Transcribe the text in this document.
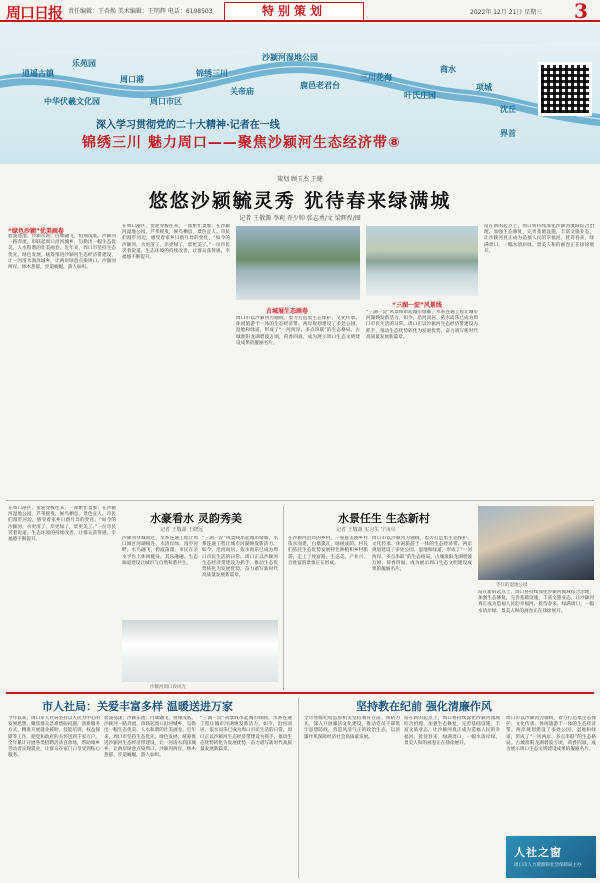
周口日报 责任编辑：王杏焕 美术编辑：王明辉 电话：6198503	特别策划	2022年 12月 21日 星期三 3
逍遥古镇
乐苑园
周口港
中华伏羲文化园	周口市区
沙颍河湿地公园
锦绣三川
关帝庙
鹿邑老君台
三川花海
叶氏庄园
商水
项城
沈丘
界首
深入学习贯彻党的二十大精神·记者在一线
锦绣三川 魅力周口——聚焦沙颍河生态经济带⑧
策划 顾玉杰 王健
悠悠沙颍毓灵秀 犹待春来绿满城
记者 王敬源 李莉 乔少帅 张志勇/文 梁辉煌/图
“绿色沙颍”优美画卷
碧波荡漾，沙颍东流；白鹭翩飞，鱼翔浅底。沙颍河一路奔流，串联起周口沿河城乡，勾勒出一幅生态优美、人水和谐的壮美画卷。近年来，周口市坚持生态优先、绿色发展，统筹推进沙颍河生态经济带建设，让一河清水润泽城乡，让两岸绿意点染周口。沙颍河两岸，林木葱郁，步道蜿蜒，游人如织。
在周口港区，货轮穿梭往来，一派繁忙景象；在沙颍河湿地公园，芦苇摇曳，候鸟栖息，景色宜人。市民们漫步河边，感受着家乡日新月异的变化。“如今的沙颍河，水更清了，岸更绿了，景更美了。”一位市民笑着说道。生态环境的持续改善，让群众获得感、幸福感不断提升。
古城展生态画卷
周口市以沙颍河为轴线，着力打造集生态保护、文化传承、休闲旅游于一体的生态经济带。两岸规划建设了多处公园、湿地和绿道，形成了“一河两岸、多点串联”的生态格局。古城淮阳龙湖碧波万顷，荷香四溢，成为展示周口生态文明建设成果的靓丽名片。
“三湖一淀”风景线
“三湖一淀”风景线串起城市绿肺，水系连通工程让城市河湖焕发新活力。如今，沿河而居、依水而乐已成为周口市民生活的日常。周口正以沙颍河生态经济带建设为抓手，推动生态优势转化为发展优势，奋力谱写新时代高质量发展新篇章。
站在新的起点上，周口将持续深化沙颍河流域综合治理，加强生态修复，完善基础设施，丰富文旅业态，让沙颍河真正成为造福人民的幸福河。犹待春来，绿满周口，一幅水清岸绿、景美人和的画卷正在徐徐展开。
在周口港区，货轮穿梭往来，一派繁忙景象；在沙颍河湿地公园，芦苇摇曳，候鸟栖息，景色宜人。市民们漫步河边，感受着家乡日新月异的变化。“如今的沙颍河，水更清了，岸更绿了，景更美了。”一位市民笑着说道。生态环境的持续改善，让群众获得感、幸福感不断提升。
水豪看水 灵韵秀美
记者 王敬源 王晓远
沙颍河穿城而过，水系连通工程让周口城区河湖相连、水清岸绿。漫步河畔，水鸟翩飞，碧波荡漾，市民在亲水平台上休闲健身，其乐融融。生态廊道建设让城市与自然和谐共生。
“三湖一淀”风景线串起城市绿肺，水系连通工程让城市河湖焕发新活力。如今，沿河而居、依水而乐已成为周口市民生活的日常。周口正以沙颍河生态经济带建设为抓手，推动生态优势转化为发展优势，奋力谱写新时代高质量发展新篇章。
沙颍河周口段风光
水景任生 生态新村
记者 王敬源 实习生 宁夜尽
在沙颍河沿岸的乡村，一座座美丽乡村依水而建，白墙黛瓦，绿树成荫。村民们依托生态优势发展特色种植和乡村旅游，走上了致富路，生态美、产业兴、百姓富的景象正在形成。
周口市以沙颍河为轴线，着力打造集生态保护、文化传承、休闲旅游于一体的生态经济带。两岸规划建设了多处公园、湿地和绿道，形成了“一河两岸、多点串联”的生态格局。古城淮阳龙湖碧波万顷，荷香四溢，成为展示周口生态文明建设成果的靓丽名片。
冬日的湿地公园
站在新的起点上，周口将持续深化沙颍河流域综合治理，加强生态修复，完善基础设施，丰富文旅业态，让沙颍河真正成为造福人民的幸福河。犹待春来，绿满周口，一幅水清岸绿、景美人和的画卷正在徐徐展开。
市人社局：关爱丰富多样 温暖送进万家
今年以来，周口市人社局坚持以人民为中心的发展思想，聚焦群众急难愁盼问题，创新服务方式，精准开展就业援助、技能培训、权益保障等工作，把党和政府的关怀送到千家万户。全年累计开展各类招聘活动百余场，帮助城乡劳动者实现就业，让群众在家门口享受到贴心服务。
碧波荡漾，沙颍东流；白鹭翩飞，鱼翔浅底。沙颍河一路奔流，串联起周口沿河城乡，勾勒出一幅生态优美、人水和谐的壮美画卷。近年来，周口市坚持生态优先、绿色发展，统筹推进沙颍河生态经济带建设，让一河清水润泽城乡，让两岸绿意点染周口。沙颍河两岸，林木葱郁，步道蜿蜒，游人如织。
“三湖一淀”风景线串起城市绿肺，水系连通工程让城市河湖焕发新活力。如今，沿河而居、依水而乐已成为周口市民生活的日常。周口正以沙颍河生态经济带建设为抓手，推动生态优势转化为发展优势，奋力谱写新时代高质量发展新篇章。
坚持教在纪前 强化清廉作风
全市各级纪检监察机关坚持教育在前、预防为先，深入开展廉洁文化建设，推动党员干部筑牢思想防线，营造风清气正的政治生态，以清廉作风保障经济社会高质量发展。
站在新的起点上，周口将持续深化沙颍河流域综合治理，加强生态修复，完善基础设施，丰富文旅业态，让沙颍河真正成为造福人民的幸福河。犹待春来，绿满周口，一幅水清岸绿、景美人和的画卷正在徐徐展开。
周口市以沙颍河为轴线，着力打造集生态保护、文化传承、休闲旅游于一体的生态经济带。两岸规划建设了多处公园、湿地和绿道，形成了“一河两岸、多点串联”的生态格局。古城淮阳龙湖碧波万顷，荷香四溢，成为展示周口生态文明建设成果的靓丽名片。
人社之窗
周口市人力资源和社会保障局主办
